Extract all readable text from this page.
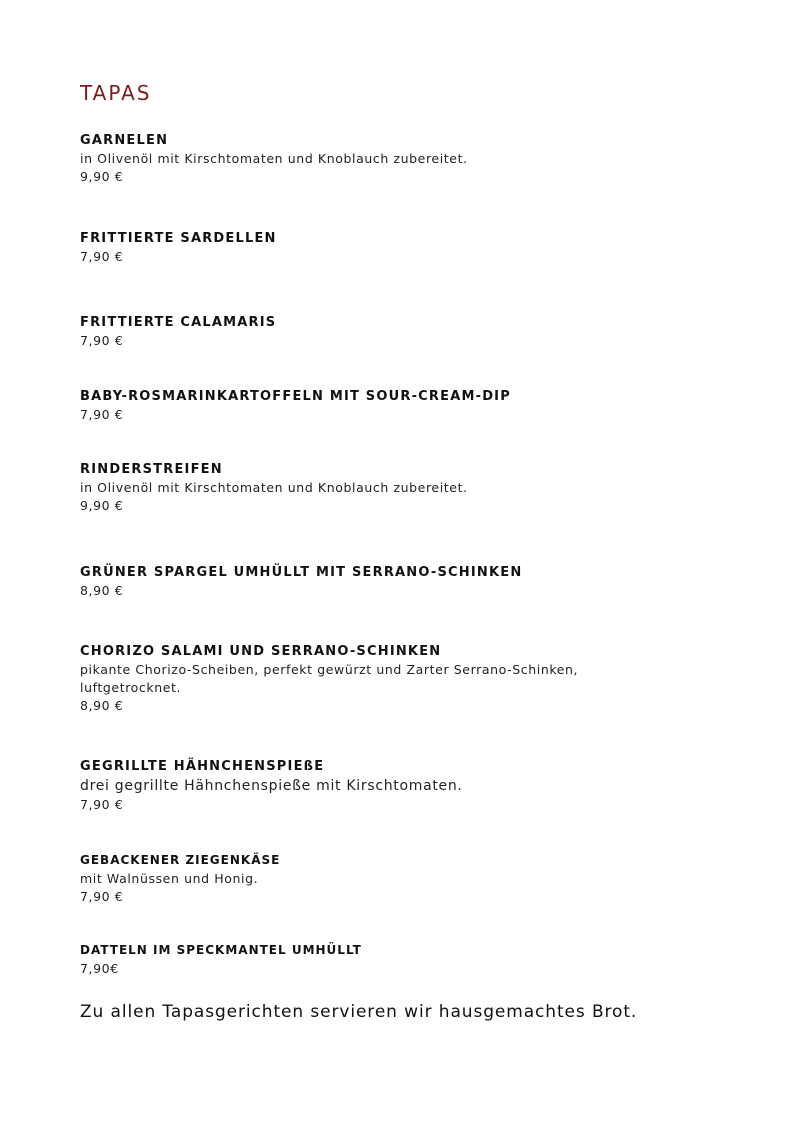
TAPAS
GARNELEN
in Olivenöl mit Kirschtomaten und Knoblauch zubereitet.
9,90 €
FRITTIERTE SARDELLEN
7,90 €
FRITTIERTE CALAMARIS
7,90 €
BABY-ROSMARINKARTOFFELN MIT SOUR-CREAM-DIP
7,90 €
RINDERSTREIFEN
in Olivenöl mit Kirschtomaten und Knoblauch zubereitet.
9,90 €
GRÜNER SPARGEL UMHÜLLT MIT SERRANO-SCHINKEN
8,90 €
CHORIZO SALAMI UND SERRANO-SCHINKEN
pikante Chorizo-Scheiben, perfekt gewürzt und Zarter Serrano-Schinken,
luftgetrocknet.
8,90 €
GEGRILLTE HÄHNCHENSPIEßE
drei gegrillte Hähnchenspieße mit Kirschtomaten.
7,90 €
GEBACKENER ZIEGENKÄSE
mit Walnüssen und Honig.
7,90 €
DATTELN IM SPECKMANTEL UMHÜLLT
7,90€
Zu allen Tapasgerichten servieren wir hausgemachtes Brot.
